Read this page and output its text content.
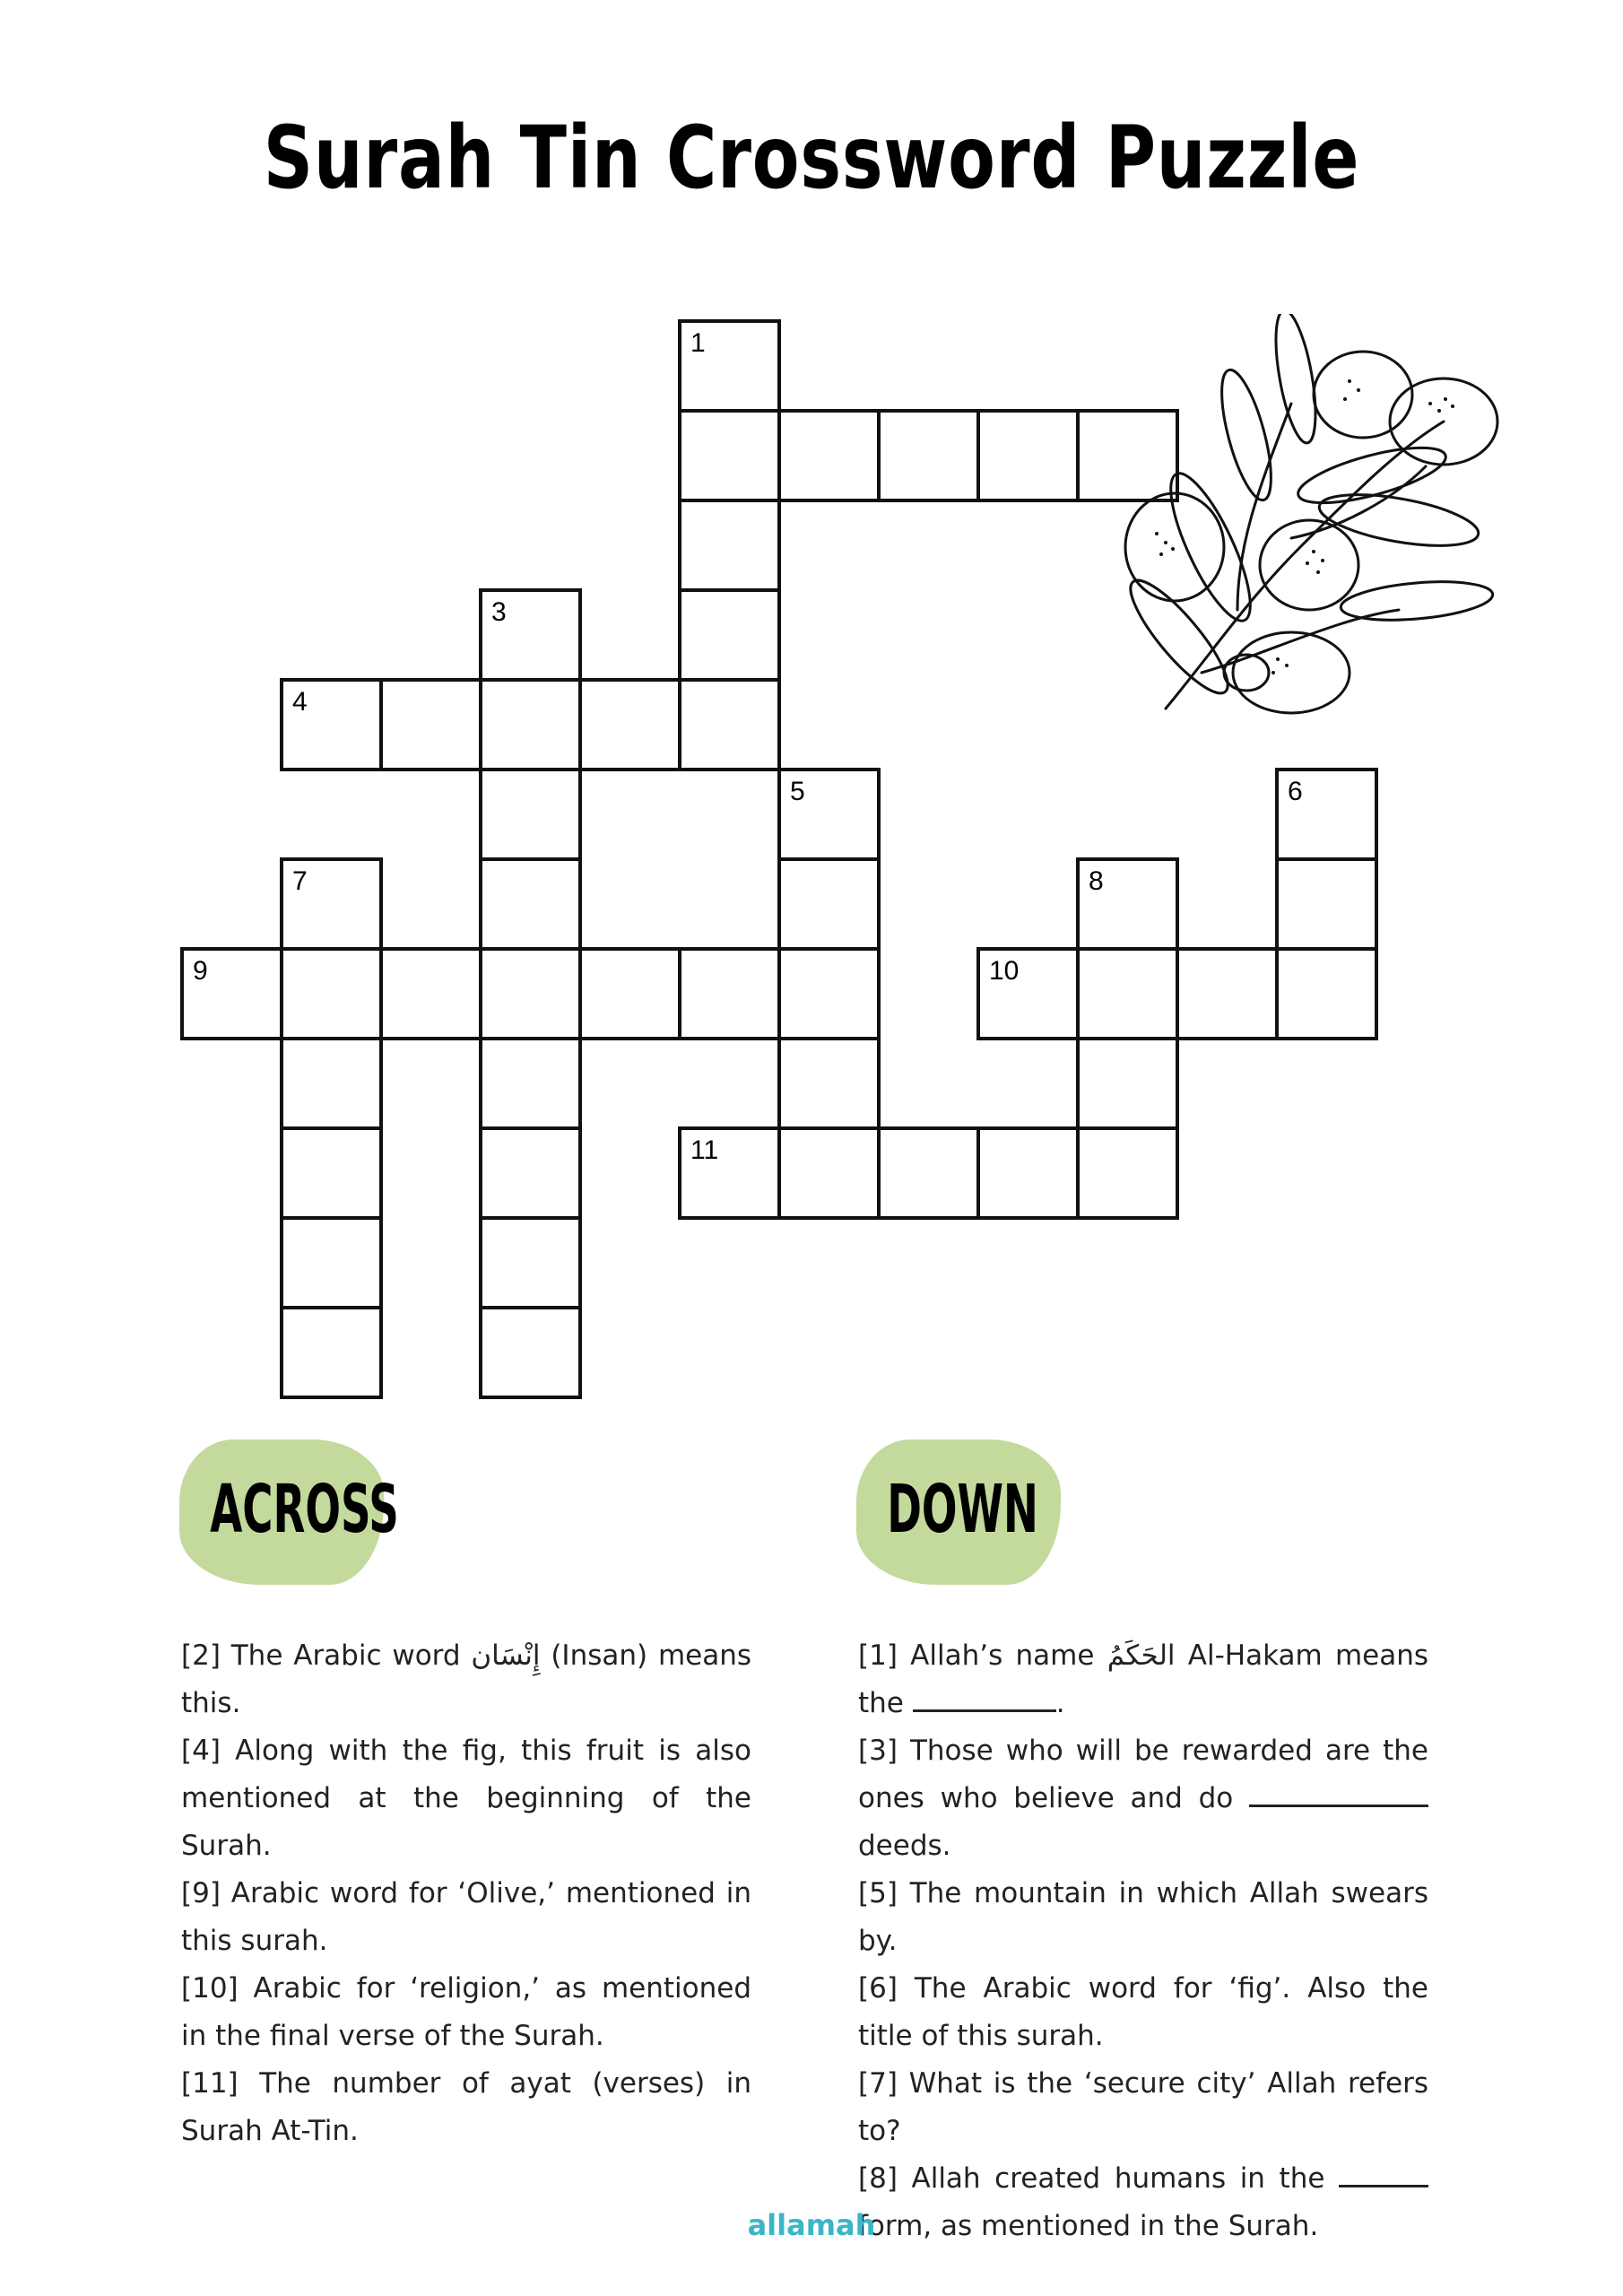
Surah Tin Crossword Puzzle
1
3
4
5	6
7	8
9	10
11
ACROSS	DOWN

[2] The Arabic word إِنْسَان (Insan) means this.

[4] Along with the fig, this fruit is also mentioned at the beginning of the Surah.

[9] Arabic word for ‘Olive,’ mentioned in this surah.

[10] Arabic for ‘religion,’ as mentioned in the final verse of the Surah.

[11] The number of ayat (verses) in Surah At-Tin.

[1] Allah’s name الحَكَمُ Al-Hakam means the	.

[3] Those who will be rewarded are the ones who believe and do  deeds.

[5] The mountain in which Allah swears by.

[6] The Arabic word for ‘fig’. Also the title of this surah.

[7] What is the ‘secure city’ Allah refers to?

[8] Allah created humans in the  form, as mentioned in the Surah.

allamah
